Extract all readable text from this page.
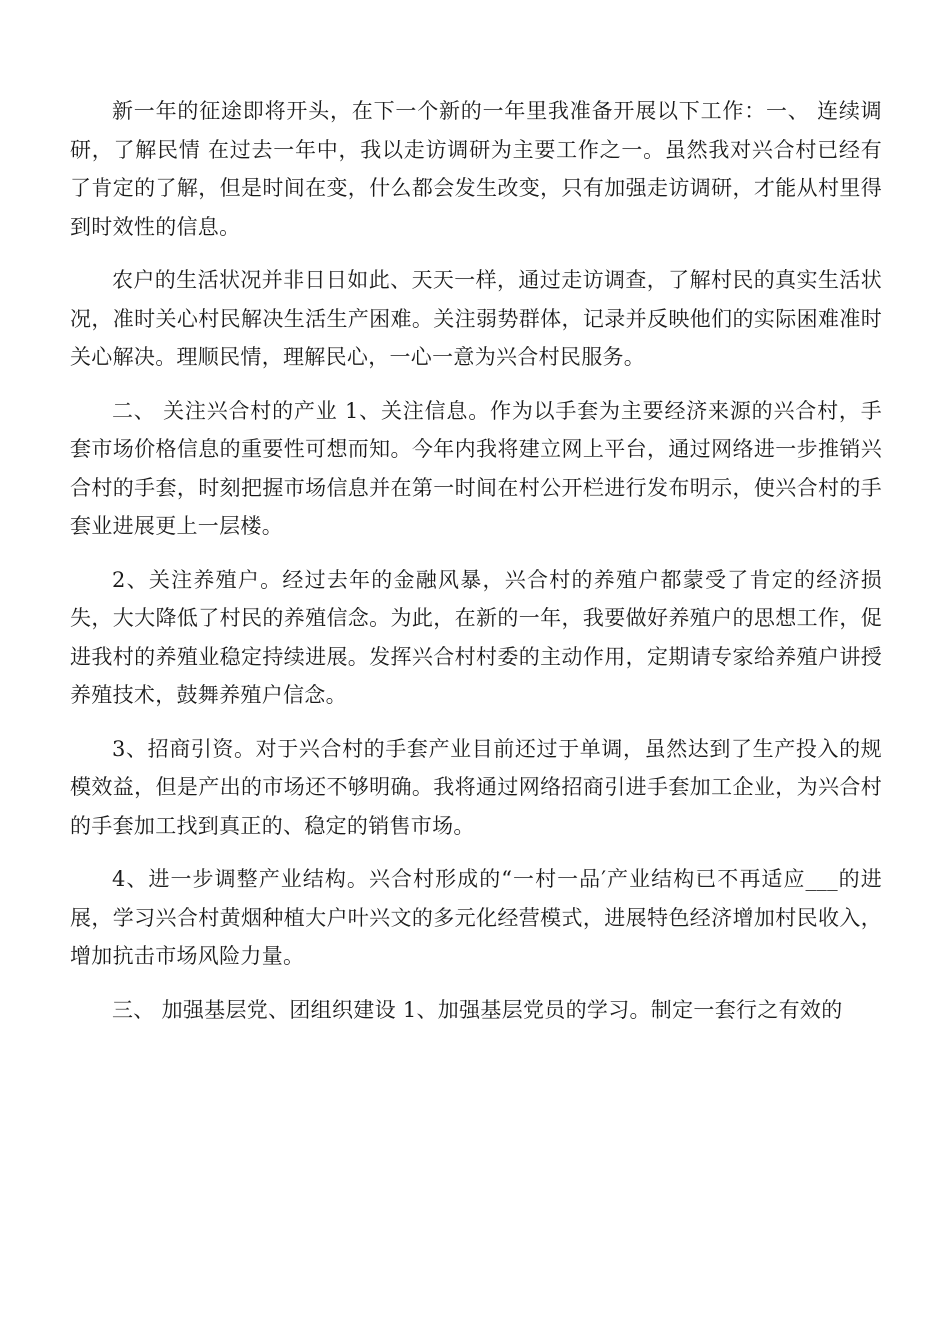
新一年的征途即将开头，在下一个新的一年里我准备开展以下工作：一、 连续调研，了解民情 在过去一年中，我以走访调研为主要工作之一。虽然我对兴合村已经有了肯定的了解，但是时间在变，什么都会发生改变，只有加强走访调研，才能从村里得到时效性的信息。

农户的生活状况并非日日如此、天天一样，通过走访调查，了解村民的真实生活状况，准时关心村民解决生活生产困难。关注弱势群体，记录并反映他们的实际困难准时关心解决。理顺民情，理解民心，一心一意为兴合村民服务。

二、 关注兴合村的产业 1、关注信息。作为以手套为主要经济来源的兴合村，手套市场价格信息的重要性可想而知。今年内我将建立网上平台，通过网络进一步推销兴合村的手套，时刻把握市场信息并在第一时间在村公开栏进行发布明示，使兴合村的手套业进展更上一层楼。

2、关注养殖户。经过去年的金融风暴，兴合村的养殖户都蒙受了肯定的经济损失，大大降低了村民的养殖信念。为此，在新的一年，我要做好养殖户的思想工作，促进我村的养殖业稳定持续进展。发挥兴合村村委的主动作用，定期请专家给养殖户讲授养殖技术，鼓舞养殖户信念。

3、招商引资。对于兴合村的手套产业目前还过于单调，虽然达到了生产投入的规模效益，但是产出的市场还不够明确。我将通过网络招商引进手套加工企业，为兴合村的手套加工找到真正的、稳定的销售市场。

4、进一步调整产业结构。兴合村形成的“一村一品′产业结构已不再适应___的进展，学习兴合村黄烟种植大户叶兴文的多元化经营模式，进展特色经济增加村民收入，增加抗击市场风险力量。

三、 加强基层党、团组织建设 1、加强基层党员的学习。制定一套行之有效的
